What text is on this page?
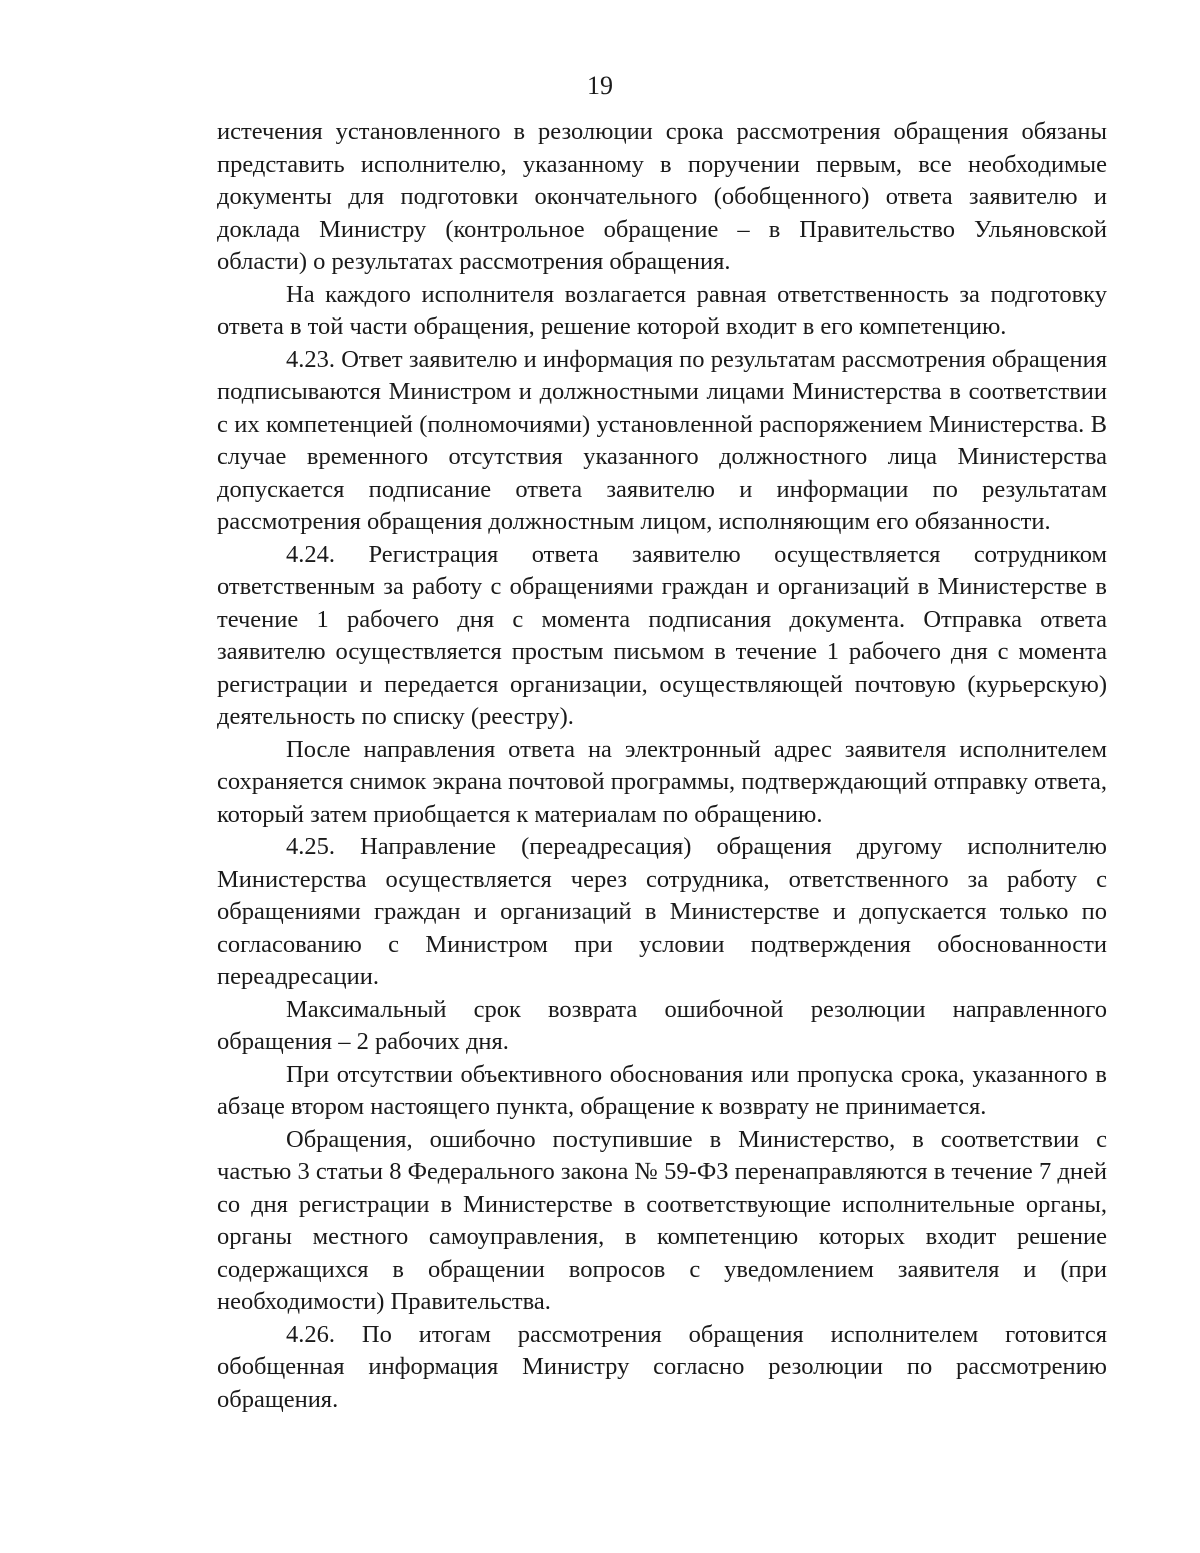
19

истечения установленного в резолюции срока рассмотрения обращения обязаны представить исполнителю, указанному в поручении первым, все необходимые документы для подготовки окончательного (обобщенного) ответа заявителю и доклада Министру (контрольное обращение – в Правительство Ульяновской области) о результатах рассмотрения обращения.

На каждого исполнителя возлагается равная ответственность за подготовку ответа в той части обращения, решение которой входит в его компетенцию.

4.23. Ответ заявителю и информация по результатам рассмотрения обращения подписываются Министром и должностными лицами Министерства в соответствии с их компетенцией (полномочиями) установленной распоряжением Министерства. В случае временного отсутствия указанного должностного лица Министерства допускается подписание ответа заявителю и информации по результатам рассмотрения обращения должностным лицом, исполняющим его обязанности.

4.24. Регистрация ответа заявителю осуществляется сотрудником ответственным за работу с обращениями граждан и организаций в Министерстве в течение 1 рабочего дня с момента подписания документа. Отправка ответа заявителю осуществляется простым письмом в течение 1 рабочего дня с момента регистрации и передается организации, осуществляющей почтовую (курьерскую) деятельность по списку (реестру).

После направления ответа на электронный адрес заявителя исполнителем сохраняется снимок экрана почтовой программы, подтверждающий отправку ответа, который затем приобщается к материалам по обращению.

4.25. Направление (переадресация) обращения другому исполнителю Министерства осуществляется через сотрудника, ответственного за работу с обращениями граждан и организаций в Министерстве и допускается только по согласованию с Министром при условии подтверждения обоснованности переадресации.

Максимальный срок возврата ошибочной резолюции направленного обращения – 2 рабочих дня.

При отсутствии объективного обоснования или пропуска срока, указанного в абзаце втором настоящего пункта, обращение к возврату не принимается.

Обращения, ошибочно поступившие в Министерство, в соответствии с частью 3 статьи 8 Федерального закона № 59-ФЗ перенаправляются в течение 7 дней со дня регистрации в Министерстве в соответствующие исполнительные органы, органы местного самоуправления, в компетенцию которых входит решение содержащихся в обращении вопросов с уведомлением заявителя и (при необходимости) Правительства.

4.26. По итогам рассмотрения обращения исполнителем готовится обобщенная информация Министру согласно резолюции по рассмотрению обращения.
